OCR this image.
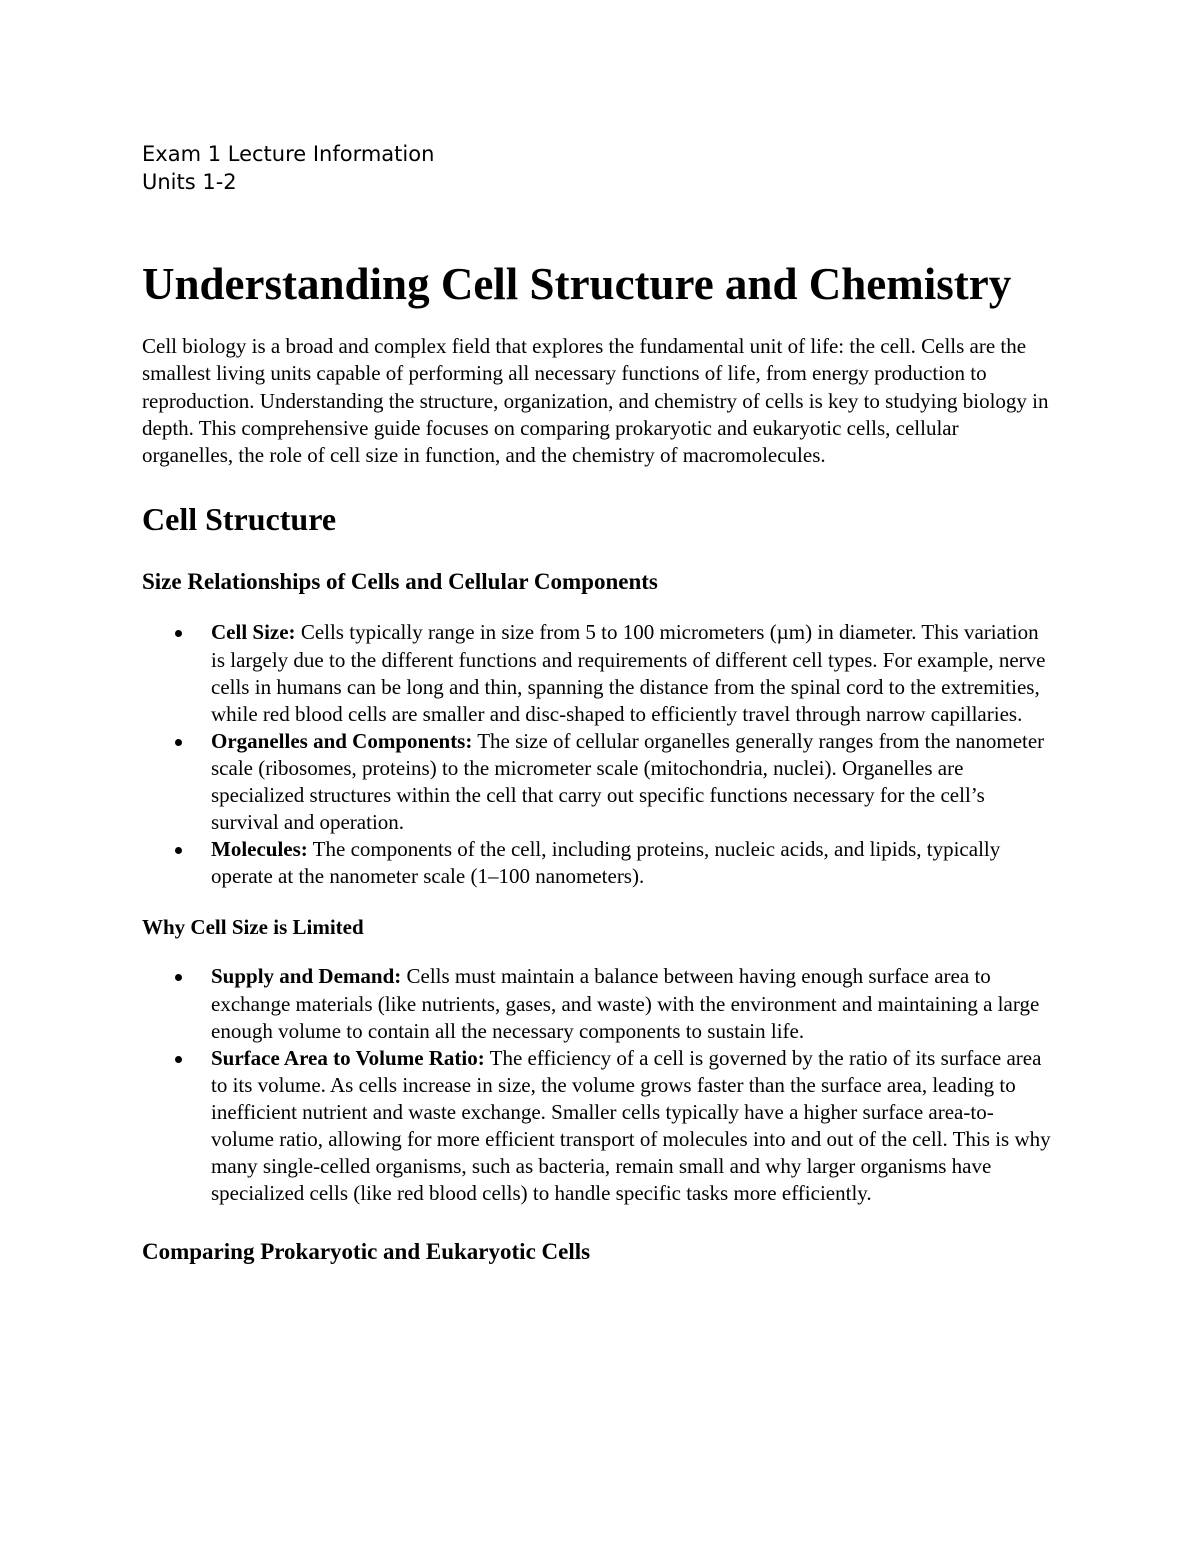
Exam 1 Lecture Information

Units 1-2

Understanding Cell Structure and Chemistry

Cell biology is a broad and complex field that explores the fundamental unit of life: the cell. Cells are the smallest living units capable of performing all necessary functions of life, from energy production to reproduction. Understanding the structure, organization, and chemistry of cells is key to studying biology in depth. This comprehensive guide focuses on comparing prokaryotic and eukaryotic cells, cellular organelles, the role of cell size in function, and the chemistry of macromolecules.

Cell Structure
Size Relationships of Cells and Cellular Components
Cell Size: Cells typically range in size from 5 to 100 micrometers (µm) in diameter. This variation is largely due to the different functions and requirements of different cell types. For example, nerve cells in humans can be long and thin, spanning the distance from the spinal cord to the extremities, while red blood cells are smaller and disc-shaped to efficiently travel through narrow capillaries.
Organelles and Components: The size of cellular organelles generally ranges from the nanometer scale (ribosomes, proteins) to the micrometer scale (mitochondria, nuclei). Organelles are specialized structures within the cell that carry out specific functions necessary for the cell’s survival and operation.
Molecules: The components of the cell, including proteins, nucleic acids, and lipids, typically operate at the nanometer scale (1–100 nanometers).
Why Cell Size is Limited
Supply and Demand: Cells must maintain a balance between having enough surface area to exchange materials (like nutrients, gases, and waste) with the environment and maintaining a large enough volume to contain all the necessary components to sustain life.
Surface Area to Volume Ratio: The efficiency of a cell is governed by the ratio of its surface area to its volume. As cells increase in size, the volume grows faster than the surface area, leading to inefficient nutrient and waste exchange. Smaller cells typically have a higher surface area-to-volume ratio, allowing for more efficient transport of molecules into and out of the cell. This is why many single-celled organisms, such as bacteria, remain small and why larger organisms have specialized cells (like red blood cells) to handle specific tasks more efficiently.
Comparing Prokaryotic and Eukaryotic Cells
